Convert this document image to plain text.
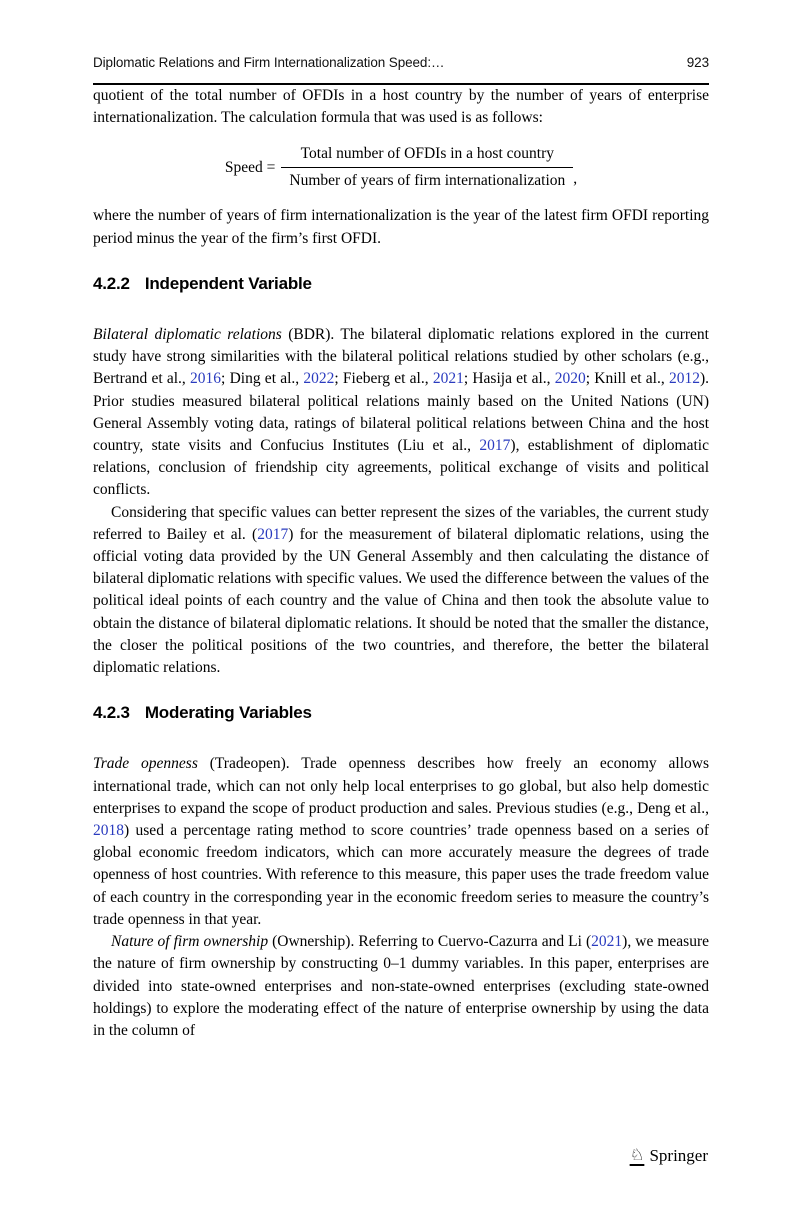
Diplomatic Relations and Firm Internationalization Speed:…	923

quotient of the total number of OFDIs in a host country by the number of years of enterprise internationalization. The calculation formula that was used is as follows:

Speed = $\frac{\text{Total number of OFDIs in a host country}}{\text{Number of years of firm internationalization}}$ ,

where the number of years of firm internationalization is the year of the latest firm OFDI reporting period minus the year of the firm’s first OFDI.

4.2.2 Independent Variable

Bilateral diplomatic relations (BDR). The bilateral diplomatic relations explored in the current study have strong similarities with the bilateral political relations studied by other scholars (e.g., Bertrand et al., 2016; Ding et al., 2022; Fieberg et al., 2021; Hasija et al., 2020; Knill et al., 2012). Prior studies measured bilateral political relations mainly based on the United Nations (UN) General Assembly voting data, ratings of bilateral political relations between China and the host country, state visits and Confucius Institutes (Liu et al., 2017), establishment of diplomatic relations, conclusion of friendship city agreements, political exchange of visits and political conflicts.

Considering that specific values can better represent the sizes of the variables, the current study referred to Bailey et al. (2017) for the measurement of bilateral diplomatic relations, using the official voting data provided by the UN General Assembly and then calculating the distance of bilateral diplomatic relations with specific values. We used the difference between the values of the political ideal points of each country and the value of China and then took the absolute value to obtain the distance of bilateral diplomatic relations. It should be noted that the smaller the distance, the closer the political positions of the two countries, and therefore, the better the bilateral diplomatic relations.

4.2.3 Moderating Variables

Trade openness (Tradeopen). Trade openness describes how freely an economy allows international trade, which can not only help local enterprises to go global, but also help domestic enterprises to expand the scope of product production and sales. Previous studies (e.g., Deng et al., 2018) used a percentage rating method to score countries’ trade openness based on a series of global economic freedom indicators, which can more accurately measure the degrees of trade openness of host countries. With reference to this measure, this paper uses the trade freedom value of each country in the corresponding year in the economic freedom series to measure the country’s trade openness in that year.

Nature of firm ownership (Ownership). Referring to Cuervo-Cazurra and Li (2021), we measure the nature of firm ownership by constructing 0–1 dummy variables. In this paper, enterprises are divided into state-owned enterprises and non-state-owned enterprises (excluding state-owned holdings) to explore the moderating effect of the nature of enterprise ownership by using the data in the column of

♘ Springer
